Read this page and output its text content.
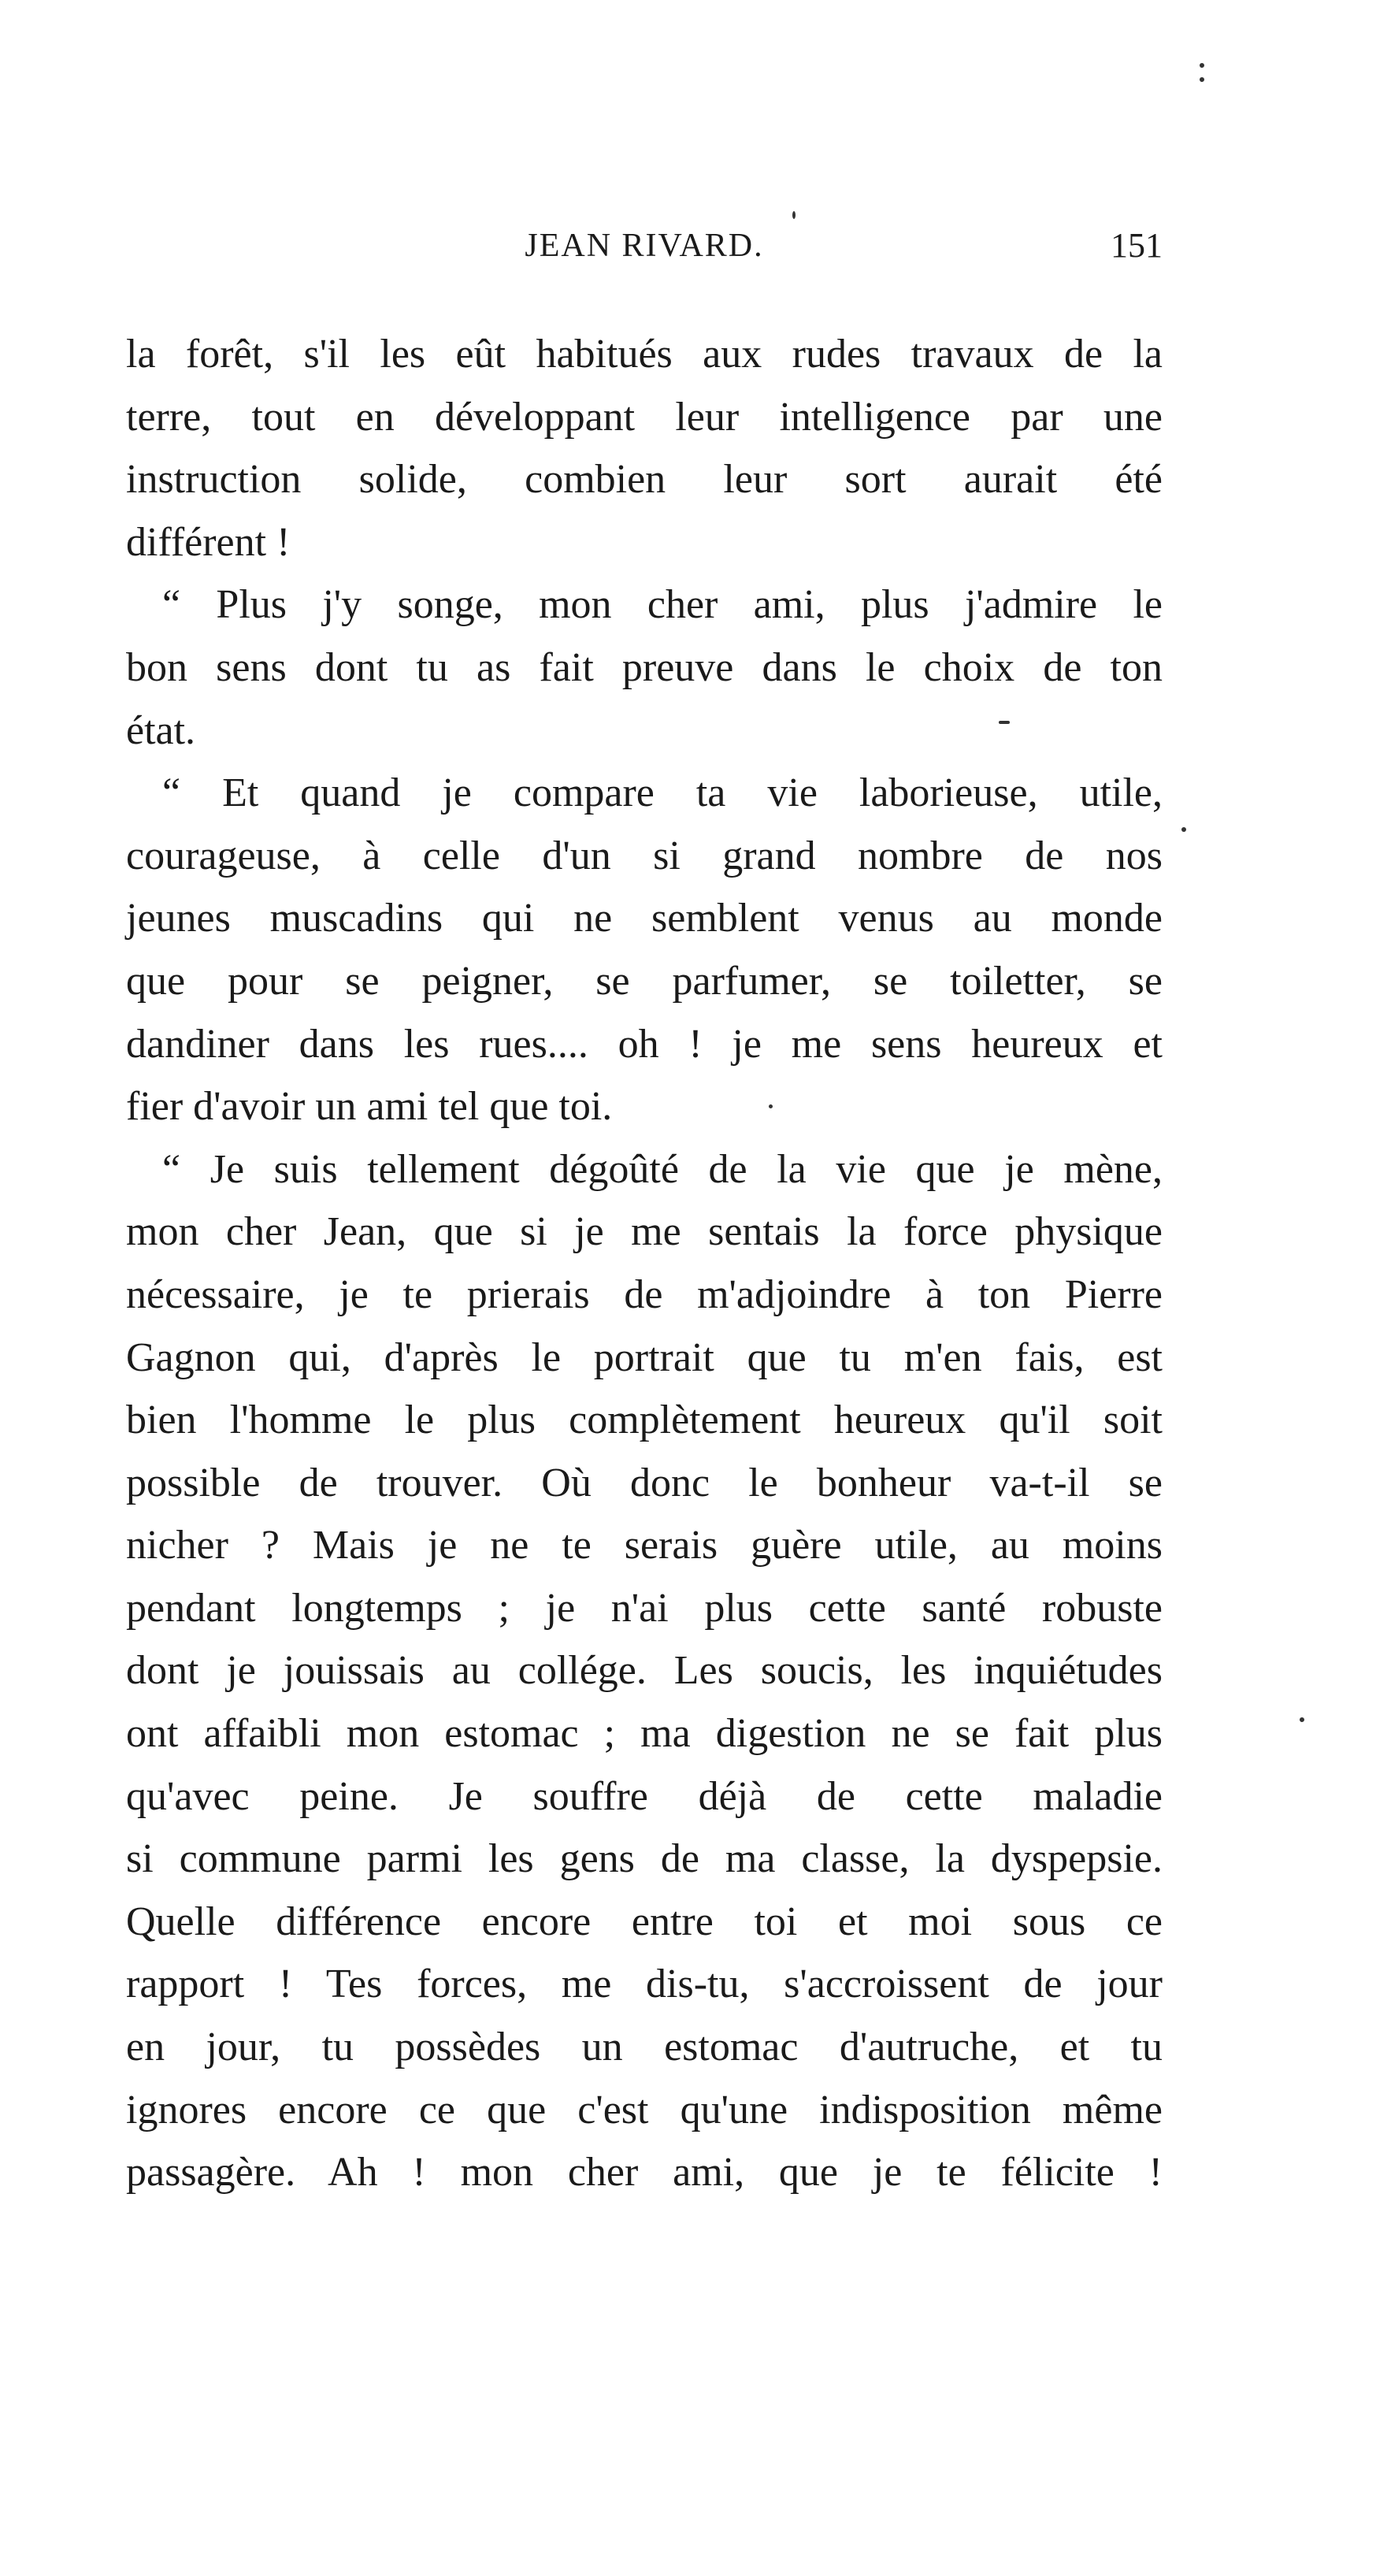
JEAN RIVARD.	151
la forêt, s'il les eût habitués aux rudes travaux de la
terre, tout en développant leur intelligence par une
instruction solide, combien leur sort aurait été
différent !
“ Plus j'y songe, mon cher ami, plus j'admire le
bon sens dont tu as fait preuve dans le choix de ton
état.
“ Et quand je compare ta vie laborieuse, utile,
courageuse, à celle d'un si grand nombre de nos
jeunes muscadins qui ne semblent venus au monde
que pour se peigner, se parfumer, se toiletter, se
dandiner dans les rues.... oh ! je me sens heureux et
fier d'avoir un ami tel que toi.
“ Je suis tellement dégoûté de la vie que je mène,
mon cher Jean, que si je me sentais la force physique
nécessaire, je te prierais de m'adjoindre à ton Pierre
Gagnon qui, d'après le portrait que tu m'en fais, est
bien l'homme le plus complètement heureux qu'il soit
possible de trouver. Où donc le bonheur va-t-il se
nicher ? Mais je ne te serais guère utile, au moins
pendant longtemps ; je n'ai plus cette santé robuste
dont je jouissais au collége. Les soucis, les inquiétudes
ont affaibli mon estomac ; ma digestion ne se fait plus
qu'avec peine. Je souffre déjà de cette maladie
si commune parmi les gens de ma classe, la dyspepsie.
Quelle différence encore entre toi et moi sous ce
rapport ! Tes forces, me dis-tu, s'accroissent de jour
en jour, tu possèdes un estomac d'autruche, et tu
ignores encore ce que c'est qu'une indisposition même
passagère. Ah ! mon cher ami, que je te félicite !
